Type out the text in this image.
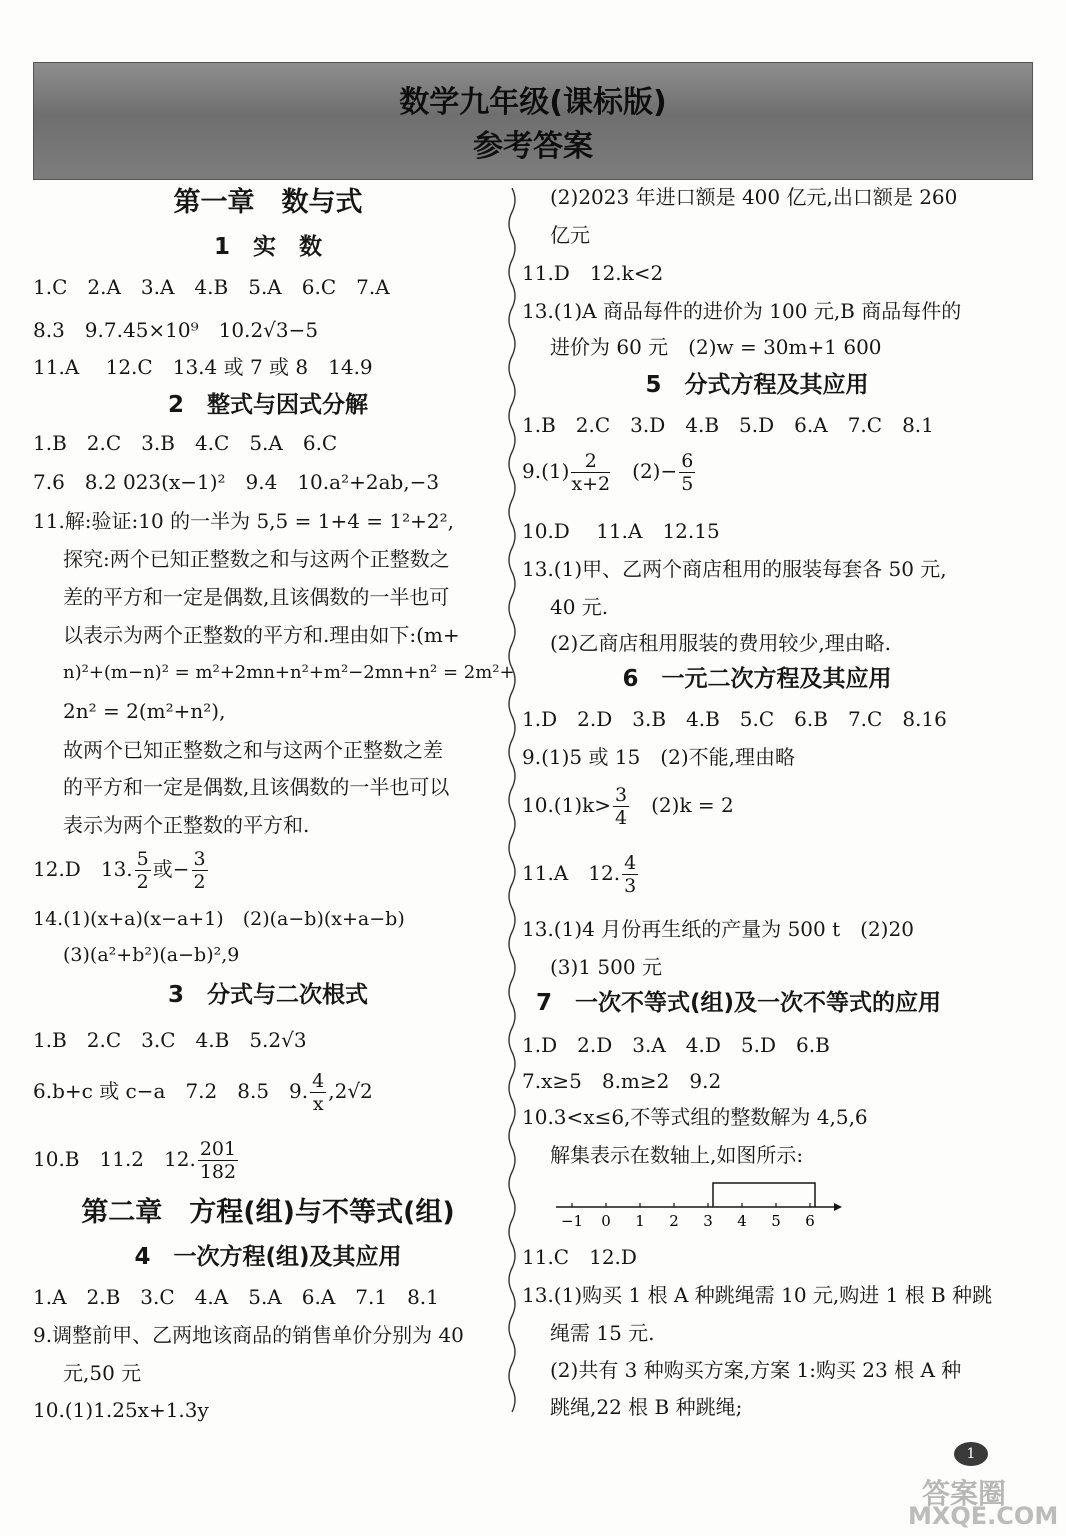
数学九年级(课标版)
参考答案
第一章　数与式
1　实　数
1.C　2.A　3.A　4.B　5.A　6.C　7.A
8.3　9.7.45×10⁹　10.2√3−5
11.A　 12.C　13.4 或 7 或 8　14.9
2　整式与因式分解
1.B　2.C　3.B　4.C　5.A　6.C
7.6　8.2 023(x−1)²　9.4　10.a²+2ab,−3
11.解:验证:10 的一半为 5,5 = 1+4 = 1²+2²,
探究:两个已知正整数之和与这两个正整数之
差的平方和一定是偶数,且该偶数的一半也可
以表示为两个正整数的平方和.理由如下:(m+
n)²+(m−n)² = m²+2mn+n²+m²−2mn+n² = 2m²+
2n² = 2(m²+n²),
故两个已知正整数之和与这两个正整数之差
的平方和一定是偶数,且该偶数的一半也可以
表示为两个正整数的平方和.
12.D　13. $\frac{5}{2}$ 或− $\frac{3}{2}$
14.(1)(x+a)(x−a+1)　(2)(a−b)(x+a−b)
(3)(a²+b²)(a−b)²,9
3　分式与二次根式
1.B　2.C　3.C　4.B　5.2√3
6.b+c 或 c−a　7.2　8.5　9. $\frac{4}{x} ,2√2$
10.B　11.2　12. $\frac{201}{182}$
第二章　方程(组)与不等式(组)
4　一次方程(组)及其应用
1.A　2.B　3.C　4.A　5.A　6.A　7.1　8.1
9.调整前甲、乙两地该商品的销售单价分别为 40
元,50 元
10.(1)1.25x+1.3y
(2)2023 年进口额是 400 亿元,出口额是 260
亿元
11.D　12.k<2
13.(1)A 商品每件的进价为 100 元,B 商品每件的
进价为 60 元　(2)w = 30m+1 600
5　分式方程及其应用
1.B　2.C　3.D　4.B　5.D　6.A　7.C　8.1
$9.(1) \frac{2}{x+2}$ 　$(2)- \frac{6}{5}$
10.D　 11.A　12.15
13.(1)甲、乙两个商店租用的服装每套各 50 元,
40 元.
(2)乙商店租用服装的费用较少,理由略.
6　一元二次方程及其应用
1.D　2.D　3.B　4.B　5.C　6.B　7.C　8.16
9.(1)5 或 15　(2)不能,理由略
$10.(1)k> \frac{3}{4}$ 　(2)k = 2
11.A　12. $\frac{4}{3}$
13.(1)4 月份再生纸的产量为 500 t　(2)20
(3)1 500 元
7　一次不等式(组)及一次不等式的应用
1.D　2.D　3.A　4.D　5.D　6.B
7.x≥5　8.m≥2　9.2
10.3<x≤6,不等式组的整数解为 4,5,6
解集表示在数轴上,如图所示:
−1 0 1 2 3 4 5 6
11.C　12.D
13.(1)购买 1 根 A 种跳绳需 10 元,购进 1 根 B 种跳
绳需 15 元.
(2)共有 3 种购买方案,方案 1:购买 23 根 A 种
跳绳,22 根 B 种跳绳;
1
答案圈
MXQE.COM
